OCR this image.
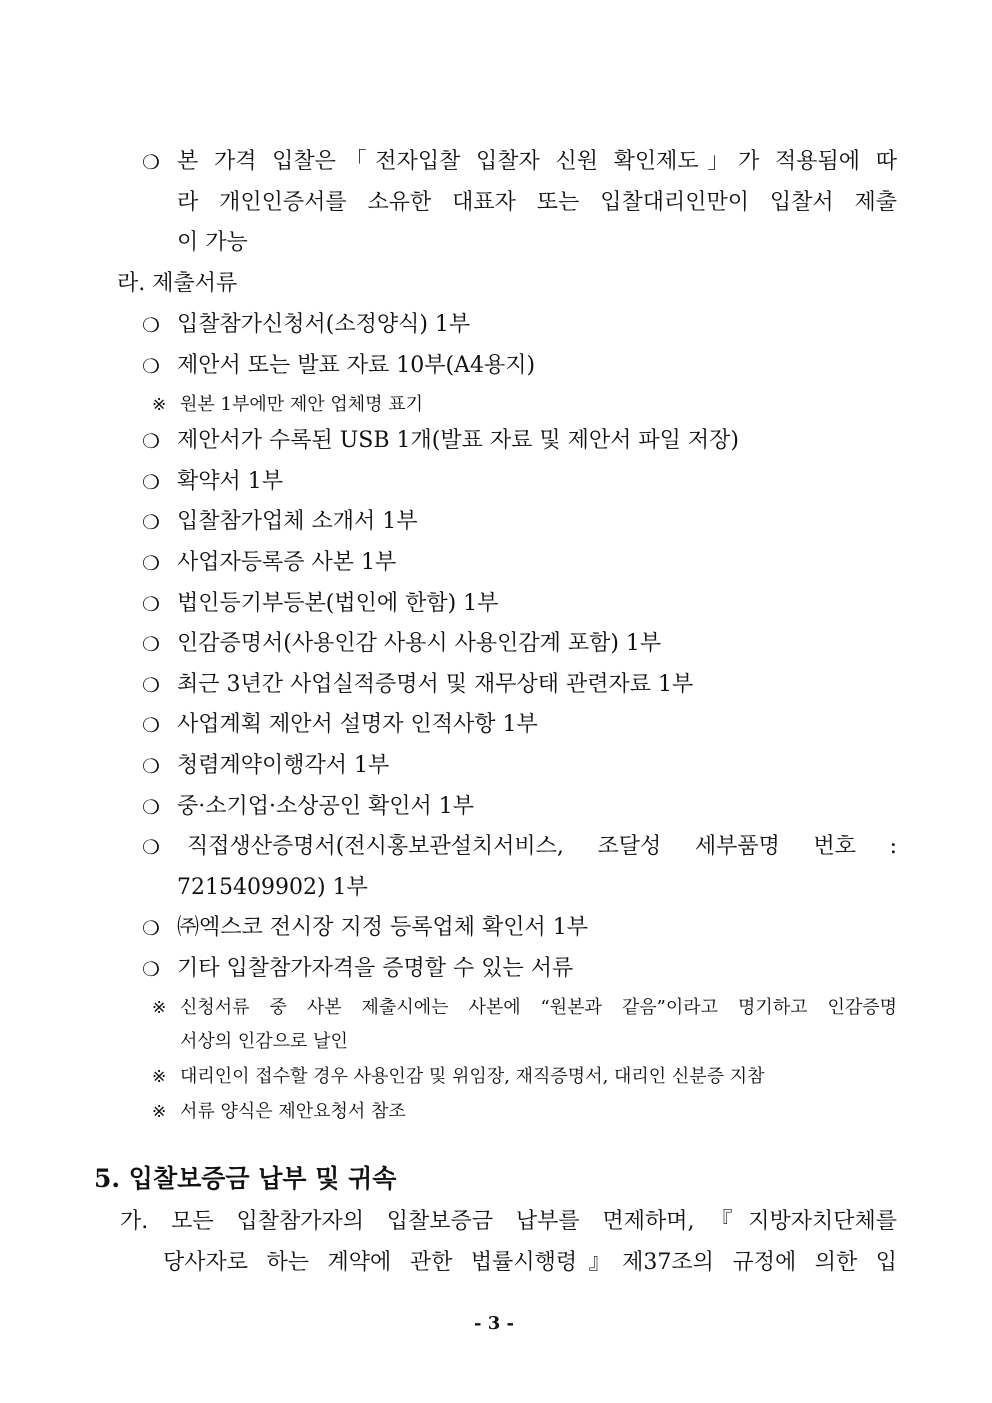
❍ 본 가격 입찰은「전자입찰 입찰자 신원 확인제도」가 적용됨에 따
라 개인인증서를 소유한 대표자 또는 입찰대리인만이 입찰서 제출
이 가능
라. 제출서류
❍ 입찰참가신청서(소정양식) 1부
❍ 제안서 또는 발표 자료 10부(A4용지)
※ 원본 1부에만 제안 업체명 표기
❍ 제안서가 수록된 USB 1개(발표 자료 및 제안서 파일 저장)
❍ 확약서 1부
❍ 입찰참가업체 소개서 1부
❍ 사업자등록증 사본 1부
❍ 법인등기부등본(법인에 한함) 1부
❍ 인감증명서(사용인감 사용시 사용인감계 포함) 1부
❍ 최근 3년간 사업실적증명서 및 재무상태 관련자료 1부
❍ 사업계획 제안서 설명자 인적사항 1부
❍ 청렴계약이행각서 1부
❍ 중·소기업·소상공인 확인서 1부
❍ 직접생산증명서(전시홍보관설치서비스, 조달성 세부품명 번호 :
7215409902) 1부
❍ ㈜엑스코 전시장 지정 등록업체 확인서 1부
❍ 기타 입찰참가자격을 증명할 수 있는 서류
※ 신청서류 중 사본 제출시에는 사본에 “원본과 같음”이라고 명기하고 인감증명
서상의 인감으로 날인
※ 대리인이 접수할 경우 사용인감 및 위임장, 재직증명서, 대리인 신분증 지참
※ 서류 양식은 제안요청서 참조
5. 입찰보증금 납부 및 귀속
가. 모든 입찰참가자의 입찰보증금 납부를 면제하며,『지방자치단체를
당사자로 하는 계약에 관한 법률시행령』제37조의 규정에 의한 입
- 3 -
